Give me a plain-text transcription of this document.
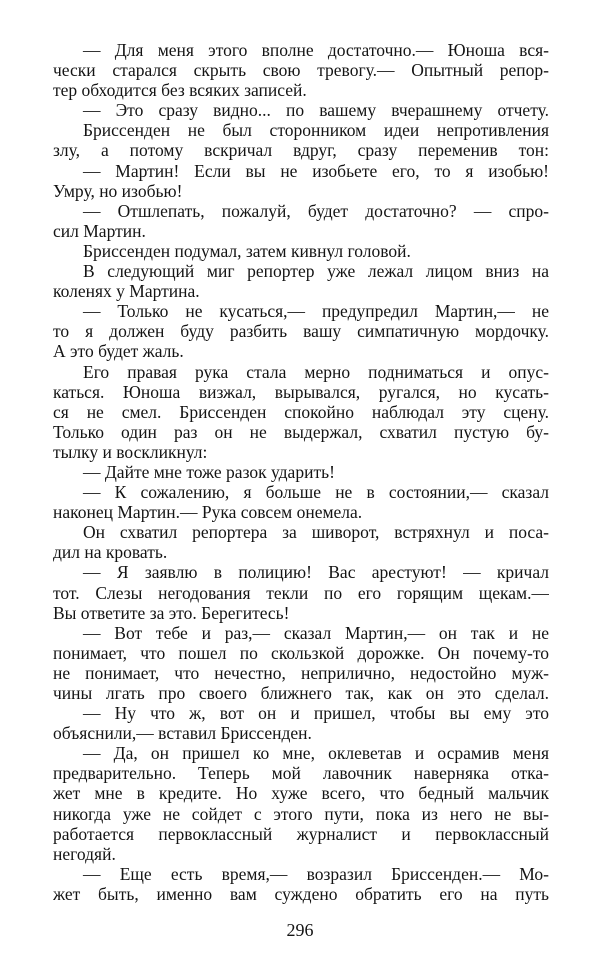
— Для меня этого вполне достаточно.— Юноша вся-
чески старался скрыть свою тревогу.— Опытный репор-
тер обходится без всяких записей.
— Это сразу видно... по вашему вчерашнему отчету.
Бриссенден не был сторонником идеи непротивления
злу, а потому вскричал вдруг, сразу переменив тон:
— Мартин! Если вы не изобьете его, то я изобью!
Умру, но изобью!
— Отшлепать, пожалуй, будет достаточно? — спро-
сил Мартин.
Бриссенден подумал, затем кивнул головой.
В следующий миг репортер уже лежал лицом вниз на
коленях у Мартина.
— Только не кусаться,— предупредил Мартин,— не
то я должен буду разбить вашу симпатичную мордочку.
А это будет жаль.
Его правая рука стала мерно подниматься и опус-
каться. Юноша визжал, вырывался, ругался, но кусать-
ся не смел. Бриссенден спокойно наблюдал эту сцену.
Только один раз он не выдержал, схватил пустую бу-
тылку и воскликнул:
— Дайте мне тоже разок ударить!
— К сожалению, я больше не в состоянии,— сказал
наконец Мартин.— Рука совсем онемела.
Он схватил репортера за шиворот, встряхнул и поса-
дил на кровать.
— Я заявлю в полицию! Вас арестуют! — кричал
тот. Слезы негодования текли по его горящим щекам.—
Вы ответите за это. Берегитесь!
— Вот тебе и раз,— сказал Мартин,— он так и не
понимает, что пошел по скользкой дорожке. Он почему-то
не понимает, что нечестно, неприлично, недостойно муж-
чины лгать про своего ближнего так, как он это сделал.
— Ну что ж, вот он и пришел, чтобы вы ему это
объяснили,— вставил Бриссенден.
— Да, он пришел ко мне, оклеветав и осрамив меня
предварительно. Теперь мой лавочник наверняка отка-
жет мне в кредите. Но хуже всего, что бедный мальчик
никогда уже не сойдет с этого пути, пока из него не вы-
работается первоклассный журналист и первоклассный
негодяй.
— Еще есть время,— возразил Бриссенден.— Мо-
жет быть, именно вам суждено обратить его на путь
296
